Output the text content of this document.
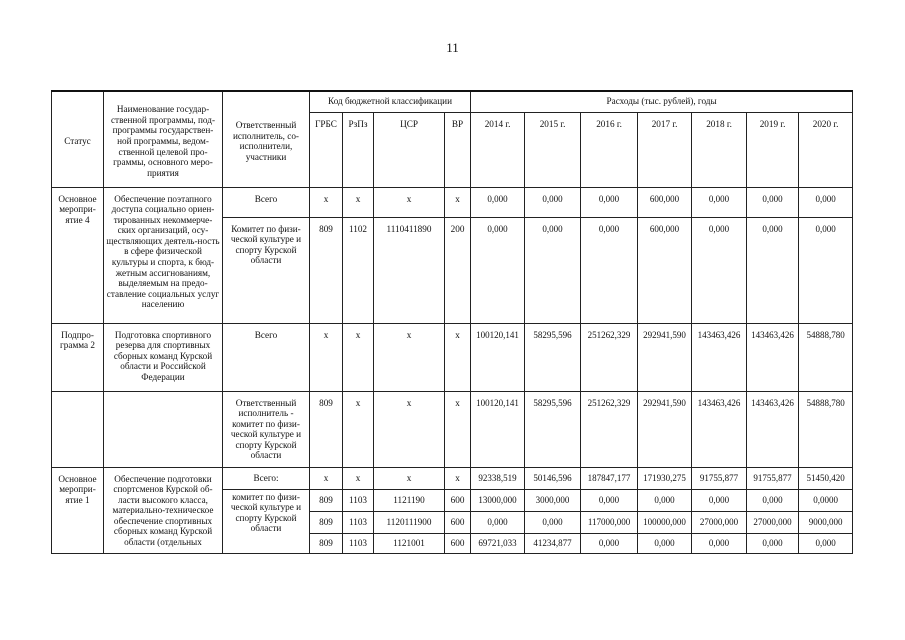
11
Статус	Наименование государ-ственной программы, под-программы государствен-ной программы, ведом-ственной целевой про-граммы, основного меро-приятия	Ответственный исполнитель, со-исполнители, участники	Код бюджетной классификации				Расходы (тыс. рублей), годы						
			ГРБС	РзПз	ЦСР	ВР	2014 г.	2015 г.	2016 г.	2017 г.	2018 г.	2019 г.	2020 г.
Основное меропри-ятие 4	Обеспечение поэтапного доступа социально ориен-тированных некоммерче-ских организаций, осу-ществляющих деятель-ность в сфере физической культуры и спорта, к бюд-жетным ассигнованиям, выделяемым на предо-ставление социальных услуг населению	Всего	х	х	х	х	0,000	0,000	0,000	600,000	0,000	0,000	0,000
		Комитет по физи-ческой культуре и спорту Курской области	809	1102	1110411890	200	0,000	0,000	0,000	600,000	0,000	0,000	0,000
Подпро-грамма 2	Подготовка спортивного резерва для спортивных сборных команд Курской области и Российской Федерации	Всего	х	х	х	х	100120,141	58295,596	251262,329	292941,590	143463,426	143463,426	54888,780
		Ответственный исполнитель - комитет по физи-ческой культуре и спорту Курской области	809	х	х	х	100120,141	58295,596	251262,329	292941,590	143463,426	143463,426	54888,780
Основное меропри-ятие 1	Обеспечение подготовки спортсменов Курской об-ласти высокого класса, материально-техническое обеспечение спортивных сборных команд Курской области (отдельных	Всего:	х	х	х	х	92338,519	50146,596	187847,177	171930,275	91755,877	91755,877	51450,420
		комитет по физи-ческой культуре и спорту Курской области	809	1103	1121190	600	13000,000	3000,000	0,000	0,000	0,000	0,000	0,0000
			809	1103	1120111900	600	0,000	0,000	117000,000	100000,000	27000,000	27000,000	9000,000
			809	1103	1121001	600	69721,033	41234,877	0,000	0,000	0,000	0,000	0,000
